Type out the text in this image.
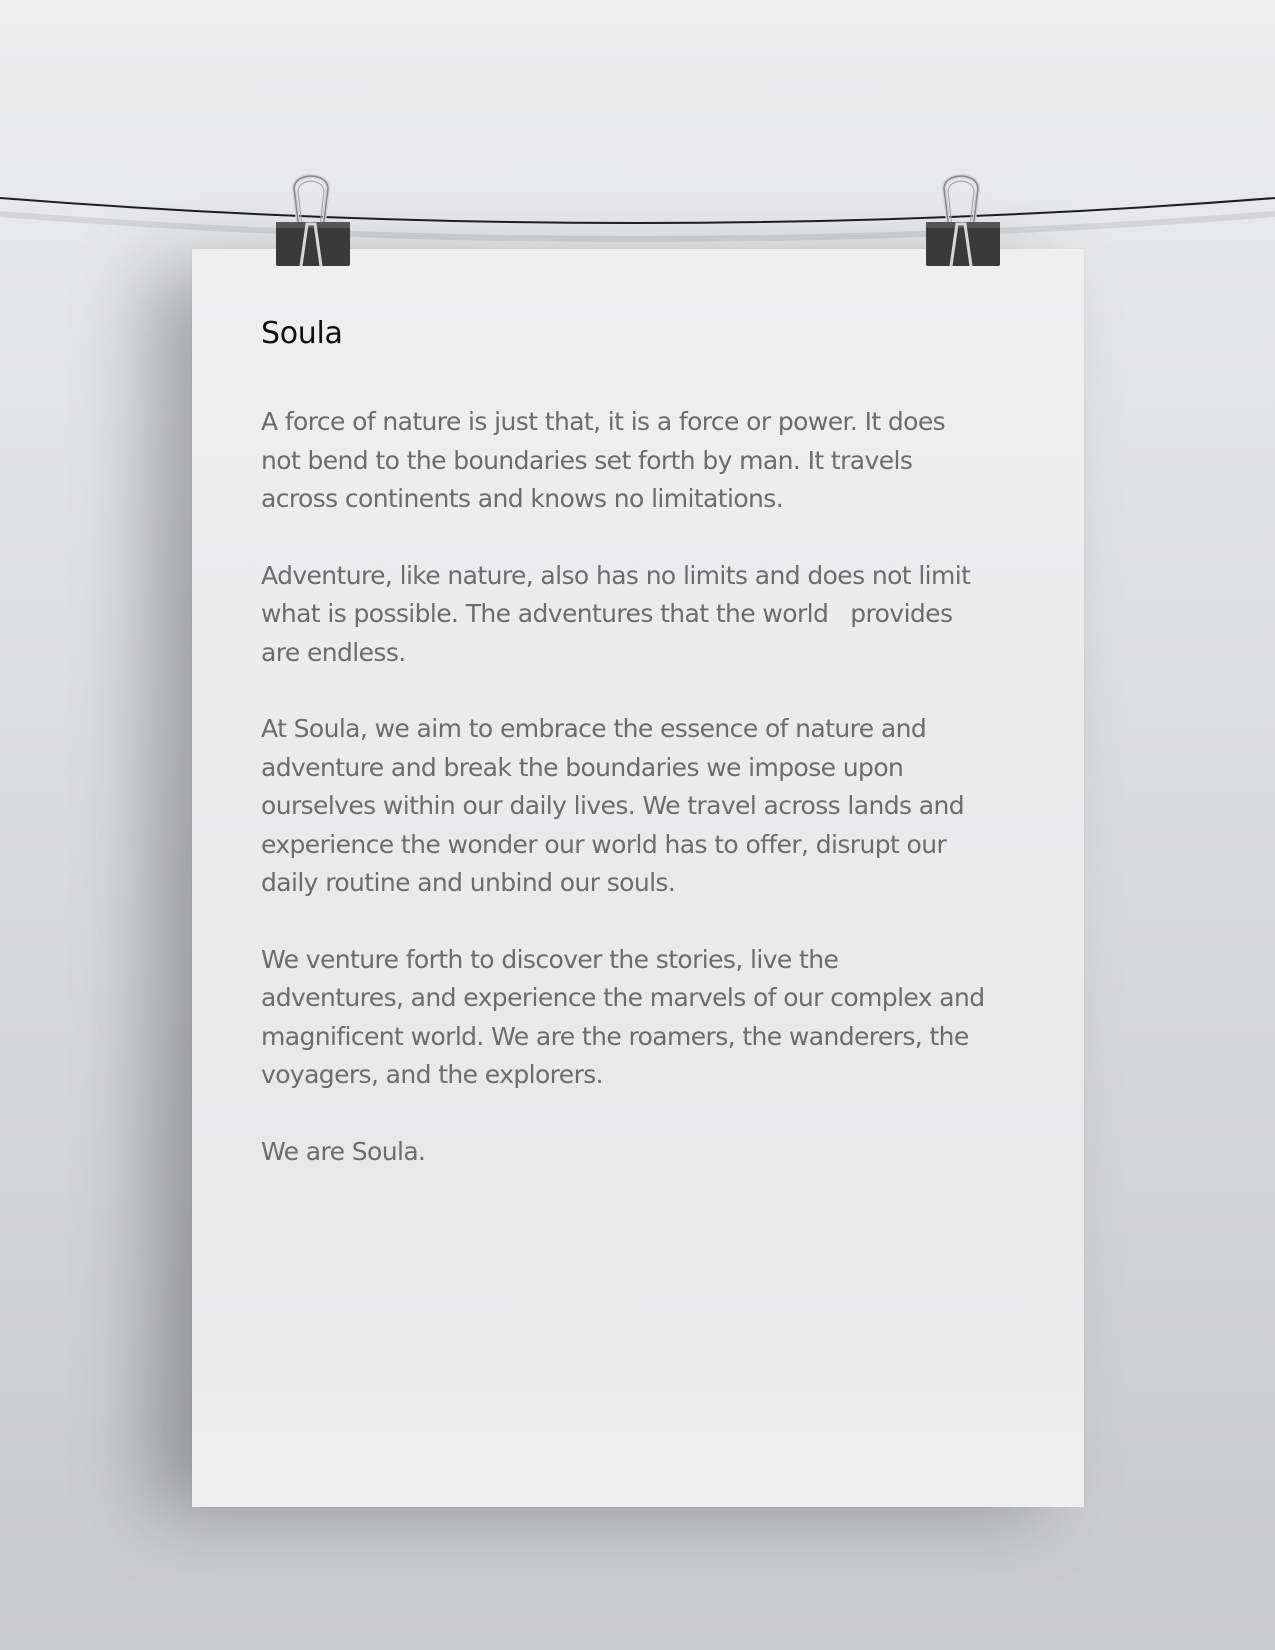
Soula

A force of nature is just that, it is a force or power. It does
not bend to the boundaries set forth by man. It travels
across continents and knows no limitations.

Adventure, like nature, also has no limits and does not limit
what is possible. The adventures that the world   provides
are endless.

At Soula, we aim to embrace the essence of nature and
adventure and break the boundaries we impose upon
ourselves within our daily lives. We travel across lands and
experience the wonder our world has to offer, disrupt our
daily routine and unbind our souls.

We venture forth to discover the stories, live the
adventures, and experience the marvels of our complex and
magnificent world. We are the roamers, the wanderers, the
voyagers, and the explorers.

We are Soula.
